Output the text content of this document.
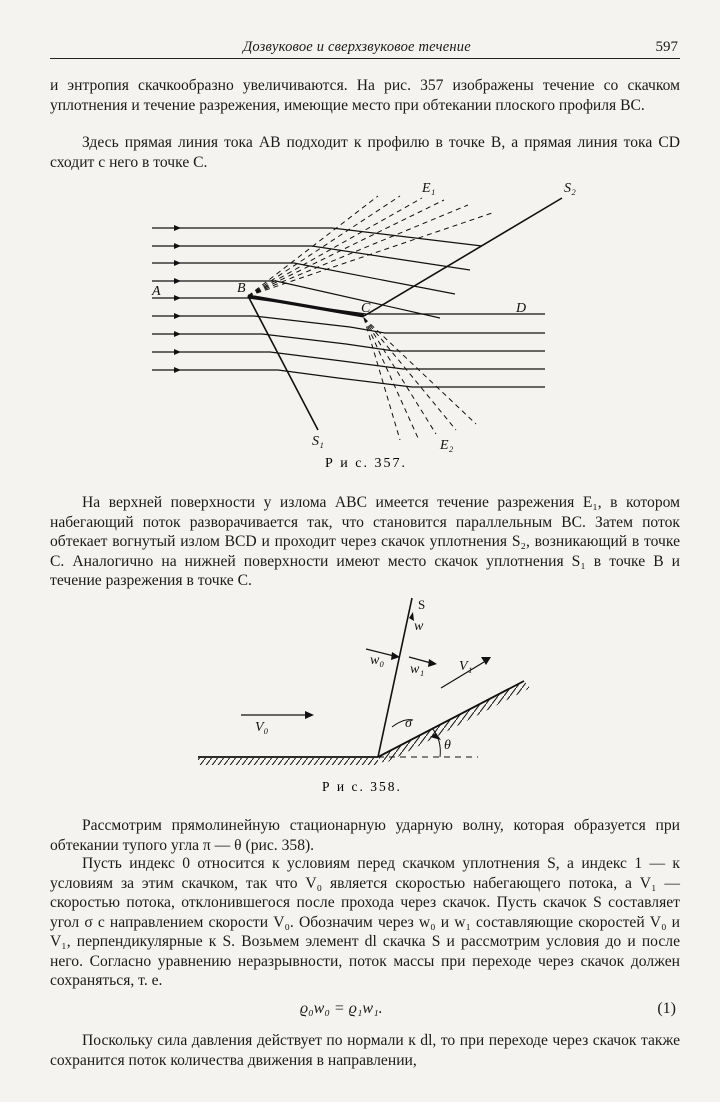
Дозвуковое и сверхзвуковое течение	597

и энтропия скачкообразно увеличиваются. На рис. 357 изображены течение со скачком уплотнения и течение разрежения, имеющие место при обтекании плоского профиля BC.

Здесь прямая линия тока AB подходит к профилю в точке B, а прямая линия тока CD сходит с него в точке C.

A	B
C	D
E₁
E₂
S₂
S₁
Р и с. 357.

На верхней поверхности у излома ABC имеется течение разрежения E₁, в котором набегающий поток разворачивается так, что становится параллельным BC. Затем поток обтекает вогнутый излом BCD и проходит через скачок уплотнения S₂, возникающий в точке C. Аналогично на нижней поверхности имеют место скачок уплотнения S₁ в точке B и течение разрежения в точке C.

S
w
w₀
w₁ V₁
V₀	σ
θ
Р и с. 358.

Рассмотрим прямолинейную стационарную ударную волну, которая образуется при обтекании тупого угла π — θ (рис. 358).

Пусть индекс 0 относится к условиям перед скачком уплотнения S, а индекс 1 — к условиям за этим скачком, так что V₀ является скоростью набегающего потока, а V₁ — скоростью потока, отклонившегося после прохода через скачок. Пусть скачок S составляет угол σ с направлением скорости V₀. Обозначим через w₀ и w₁ составляющие скоростей V₀ и V₁, перпендикулярные к S. Возьмем элемент dl скачка S и рассмотрим условия до и после него. Согласно уравнению неразрывности, поток массы при переходе через скачок должен сохраняться, т. е.

ϱ₀w₀ = ϱ₁w₁.	(1)

Поскольку сила давления действует по нормали к dl, то при переходе через скачок также сохранится поток количества движения в направлении,
